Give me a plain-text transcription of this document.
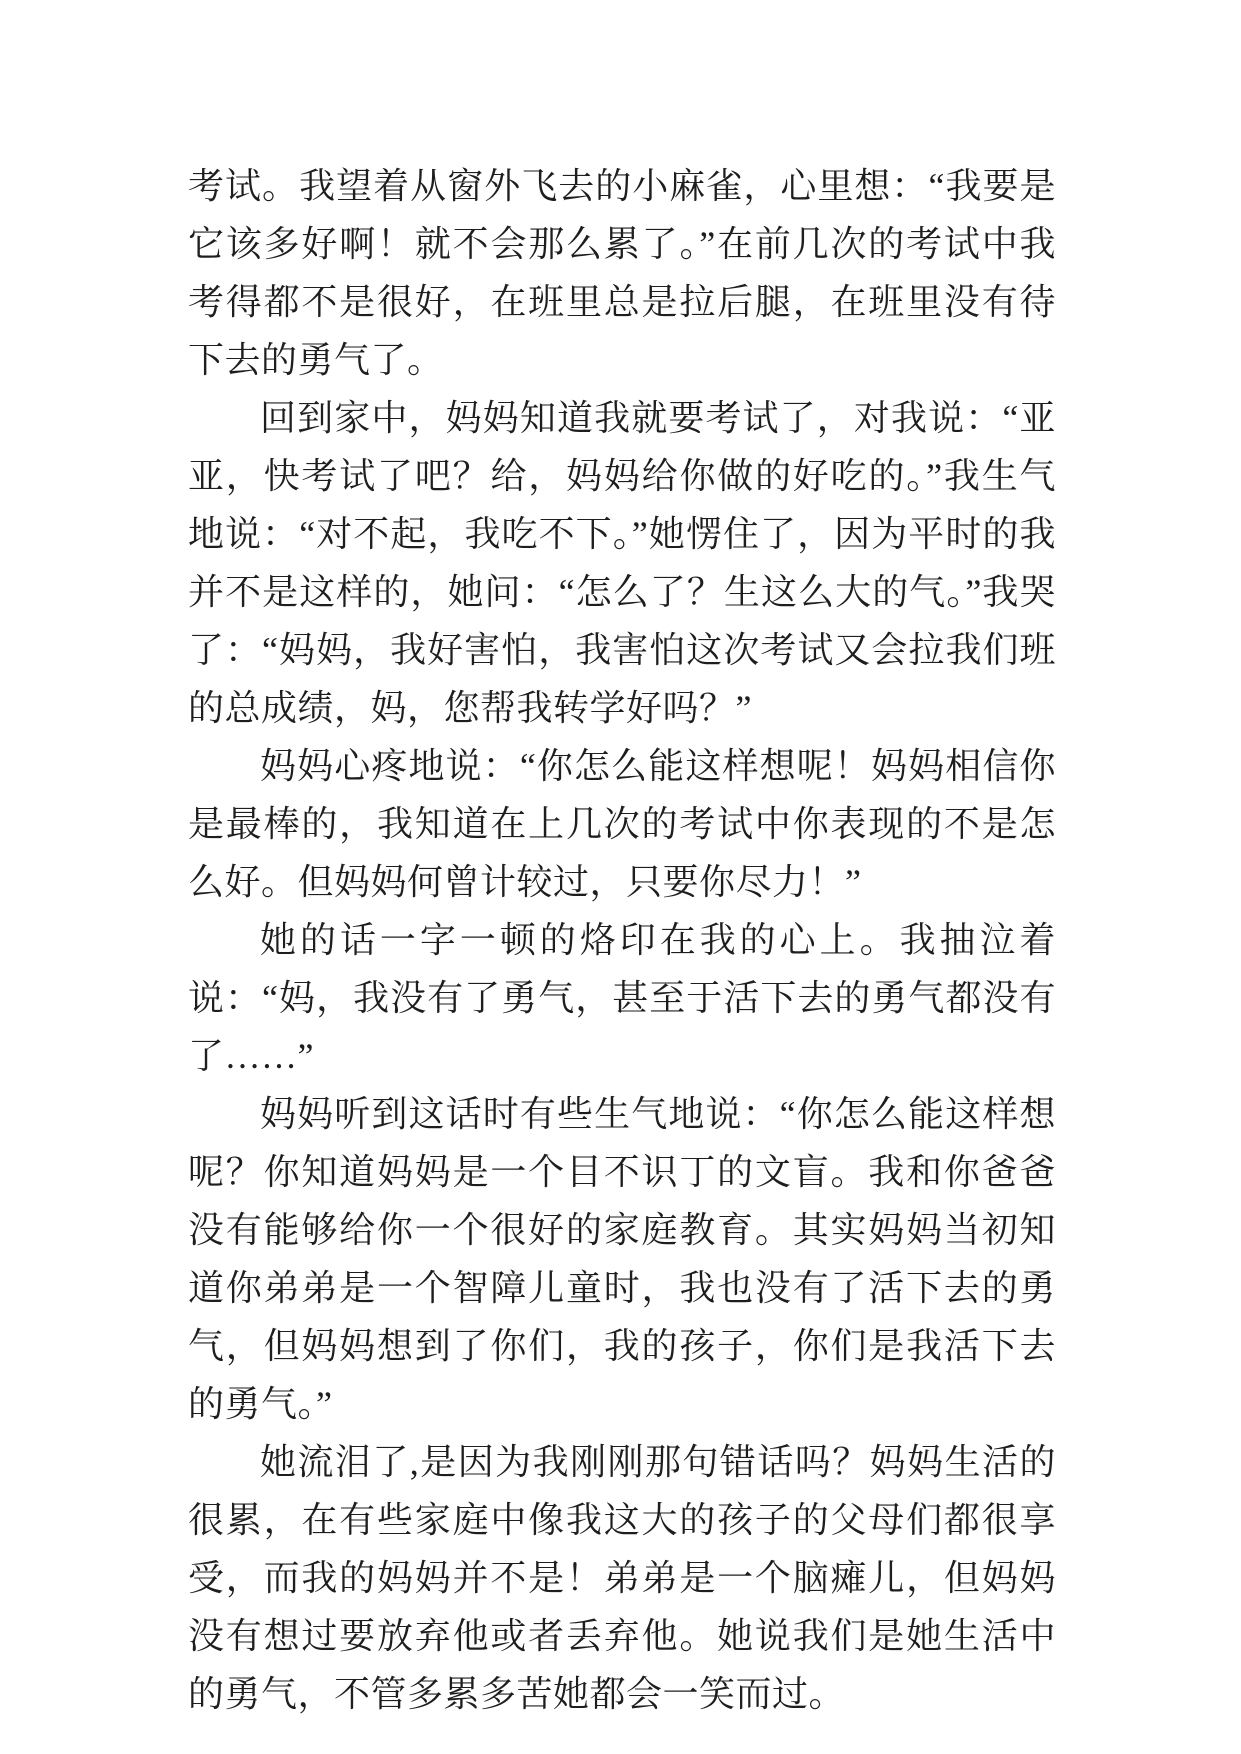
考试。我望着从窗外飞去的小麻雀，心里想：“我要是它该多好啊！就不会那么累了。”在前几次的考试中我考得都不是很好，在班里总是拉后腿，在班里没有待下去的勇气了。

回到家中，妈妈知道我就要考试了，对我说：“亚亚，快考试了吧？给，妈妈给你做的好吃的。”我生气地说：“对不起，我吃不下。”她愣住了，因为平时的我并不是这样的，她问：“怎么了？生这么大的气。”我哭了：“妈妈，我好害怕，我害怕这次考试又会拉我们班的总成绩，妈，您帮我转学好吗？”

妈妈心疼地说：“你怎么能这样想呢！妈妈相信你是最棒的，我知道在上几次的考试中你表现的不是怎么好。但妈妈何曾计较过，只要你尽力！”

她的话一字一顿的烙印在我的心上。我抽泣着说：“妈，我没有了勇气，甚至于活下去的勇气都没有了……”

妈妈听到这话时有些生气地说：“你怎么能这样想呢？你知道妈妈是一个目不识丁的文盲。我和你爸爸没有能够给你一个很好的家庭教育。其实妈妈当初知道你弟弟是一个智障儿童时，我也没有了活下去的勇气，但妈妈想到了你们，我的孩子，你们是我活下去的勇气。”

她流泪了,是因为我刚刚那句错话吗？妈妈生活的很累，在有些家庭中像我这大的孩子的父母们都很享受，而我的妈妈并不是！弟弟是一个脑瘫儿，但妈妈没有想过要放弃他或者丢弃他。她说我们是她生活中的勇气，不管多累多苦她都会一笑而过。
